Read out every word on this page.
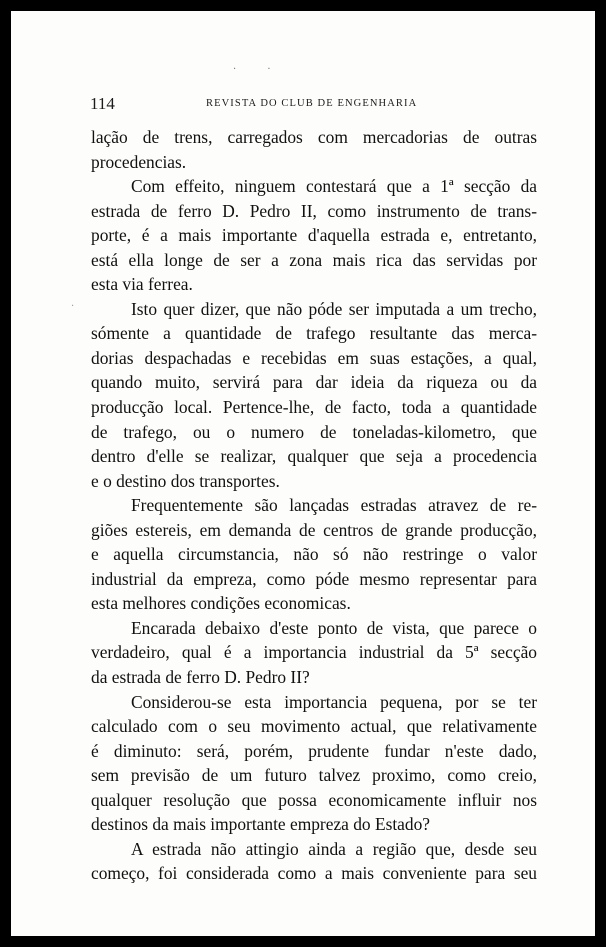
· ·
114	REVISTA DO CLUB DE ENGENHARIA
·
lação de trens, carregados com mercadorias de outras
procedencias.
Com effeito, ninguem contestará que a 1ª secção da
estrada de ferro D. Pedro II, como instrumento de trans-
porte, é a mais importante d'aquella estrada e, entretanto,
está ella longe de ser a zona mais rica das servidas por
esta via ferrea.
Isto quer dizer, que não póde ser imputada a um trecho,
sómente a quantidade de trafego resultante das merca-
dorias despachadas e recebidas em suas estações, a qual,
quando muito, servirá para dar ideia da riqueza ou da
producção local. Pertence-lhe, de facto, toda a quantidade
de trafego, ou o numero de toneladas-kilometro, que
dentro d'elle se realizar, qualquer que seja a procedencia
e o destino dos transportes.
Frequentemente são lançadas estradas atravez de re-
giões estereis, em demanda de centros de grande producção,
e aquella circumstancia, não só não restringe o valor
industrial da empreza, como póde mesmo representar para
esta melhores condições economicas.
Encarada debaixo d'este ponto de vista, que parece o
verdadeiro, qual é a importancia industrial da 5ª secção
da estrada de ferro D. Pedro II?
Considerou-se esta importancia pequena, por se ter
calculado com o seu movimento actual, que relativamente
é diminuto: será, porém, prudente fundar n'este dado,
sem previsão de um futuro talvez proximo, como creio,
qualquer resolução que possa economicamente influir nos
destinos da mais importante empreza do Estado?
A estrada não attingio ainda a região que, desde seu
começo, foi considerada como a mais conveniente para seu
